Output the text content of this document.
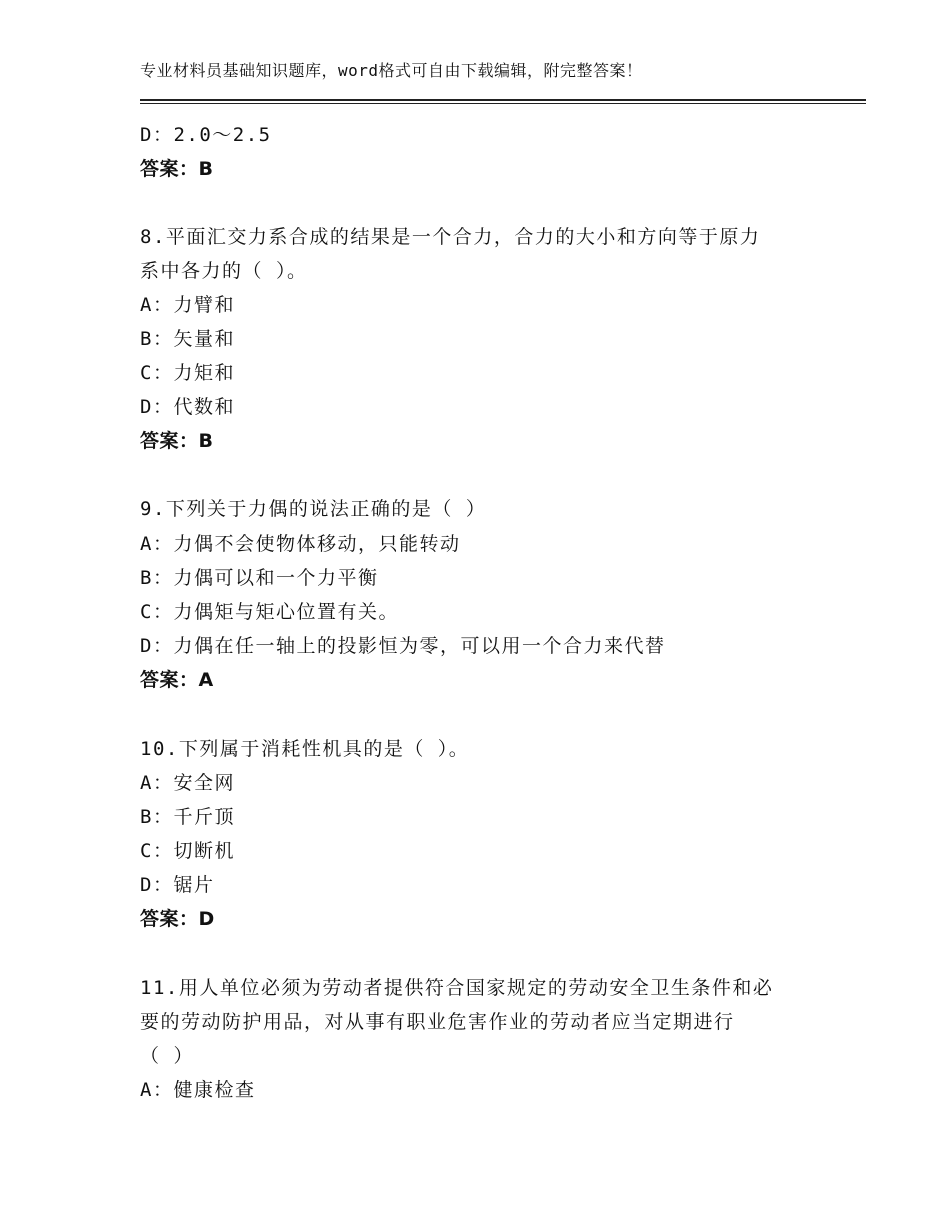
专业材料员基础知识题库，word格式可自由下载编辑，附完整答案！
D：2.0～2.5
答案：B
8.平面汇交力系合成的结果是一个合力，合力的大小和方向等于原力
系中各力的（ ）。
A：力臂和
B：矢量和
C：力矩和
D：代数和
答案：B
9.下列关于力偶的说法正确的是（ ）
A：力偶不会使物体移动，只能转动
B：力偶可以和一个力平衡
C：力偶矩与矩心位置有关。
D：力偶在任一轴上的投影恒为零，可以用一个合力来代替
答案：A
10.下列属于消耗性机具的是（ ）。
A：安全网
B：千斤顶
C：切断机
D：锯片
答案：D
11.用人单位必须为劳动者提供符合国家规定的劳动安全卫生条件和必
要的劳动防护用品，对从事有职业危害作业的劳动者应当定期进行
（ ）
A：健康检查
